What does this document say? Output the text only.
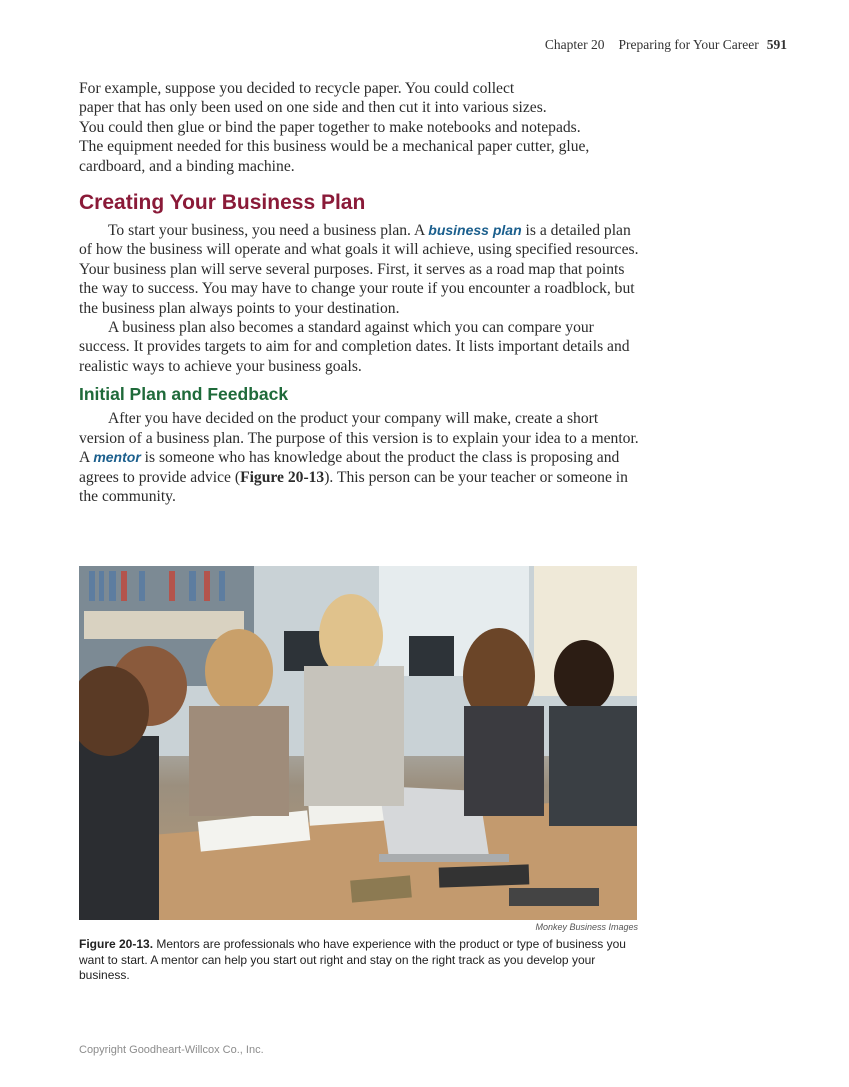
Chapter 20 Preparing for Your Career 591

For example, suppose you decided to recycle paper. You could collect
paper that has only been used on one side and then cut it into various sizes.
You could then glue or bind the paper together to make notebooks and notepads.
The equipment needed for this business would be a mechanical paper cutter, glue,
cardboard, and a binding machine.

Creating Your Business Plan

To start your business, you need a business plan. A business plan is a detailed plan of how the business will operate and what goals it will achieve, using specified resources. Your business plan will serve several purposes. First, it serves as a road map that points the way to success. You may have to change your route if you encounter a roadblock, but the business plan always points to your destination.

A business plan also becomes a standard against which you can compare your success. It provides targets to aim for and completion dates. It lists important details and realistic ways to achieve your business goals.

Initial Plan and Feedback

After you have decided on the product your company will make, create a short version of a business plan. The purpose of this version is to explain your idea to a mentor. A mentor is someone who has knowledge about the product the class is proposing and agrees to provide advice (Figure 20-13). This person can be your teacher or someone in the community.

Monkey Business Images
Figure 20-13. Mentors are professionals who have experience with the product or type of business you want to start. A mentor can help you start out right and stay on the right track as you develop your business.
Copyright Goodheart-Willcox Co., Inc.
